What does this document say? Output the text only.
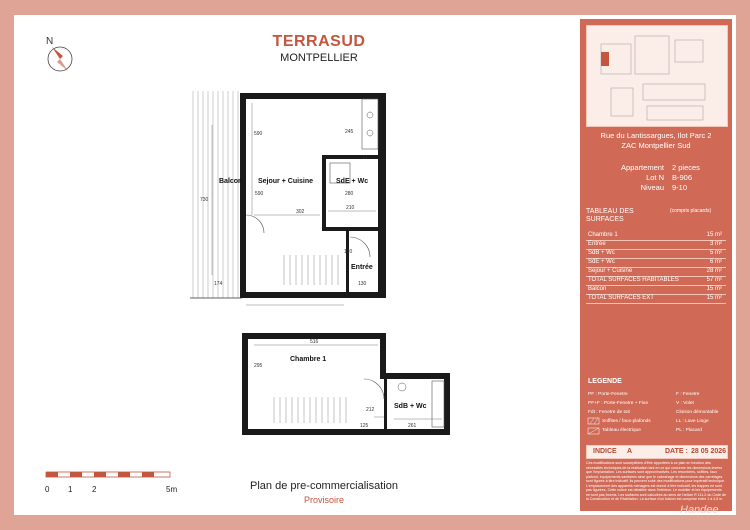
TERRASUD
MONTPELLIER
N
Balcon Sejour + Cuisine	SdE + Wc
Entrée
Chambre 1
SdB + Wc
245
590
590
LL
280
302
210
174	130
120
730
516
295
212
125	261
0 1 2	5m	Plan de pre-commercialisation
Provisoire
Rue du Lantissargues, Ilot Parc 2
ZAC Montpellier Sud
Appartement 2 pieces
Lot N B-906
Niveau 9-10
TABLEAU DES SURFACES
(compris placards)
Chambre 1	15 m²
Entrée	3 m²
SdB + Wc	5 m²
SdE + Wc	6 m²
Sejour + Cuisine	28 m²
TOTAL SURFACES HABITABLES	57 m²
Balcon	15 m²
TOTAL SURFACES EXT	15 m²
LEGENDE
PF : Porte-Fenetre	F : Fenetre
PF+F : Porte-Fenetre + Fixe	V : Volet
Fdt : Fenetre de toit	Cloison démontable
Soffites / faux-plafonds	LL : Lave Linge
Tableau électrique	PL : Placard
INDICE A	DATE : 28 05 2026
Ces modifications sont susceptibles d'être apportées à ce plan en fonction des nécessités techniques de la réalisation tant en ce qui concerne les dimensions levées que l'implantation. Les surfaces sont approximatives. Les retombées, soffites, faux plafond, équipements sanitaires ainsi que le cabochage et dimensions des carrelages sont figurés à titre indicatif, ils peuvent subir des modifications pour impératif technique. L'emplacement des appareils ménagers est donné à titre indicatif, les trappes ne sont pas figurées. Cette notice est détaillée dans l'intérieur. Le mobilier et les équipements ne sont pas fournis. Les surfaces sont calculées au sens de l'article R 111-2 du Code de la Construction et de l'Habitation. La surface d'un balcon est comprise entre 1 à 4,5 m.
Handee
